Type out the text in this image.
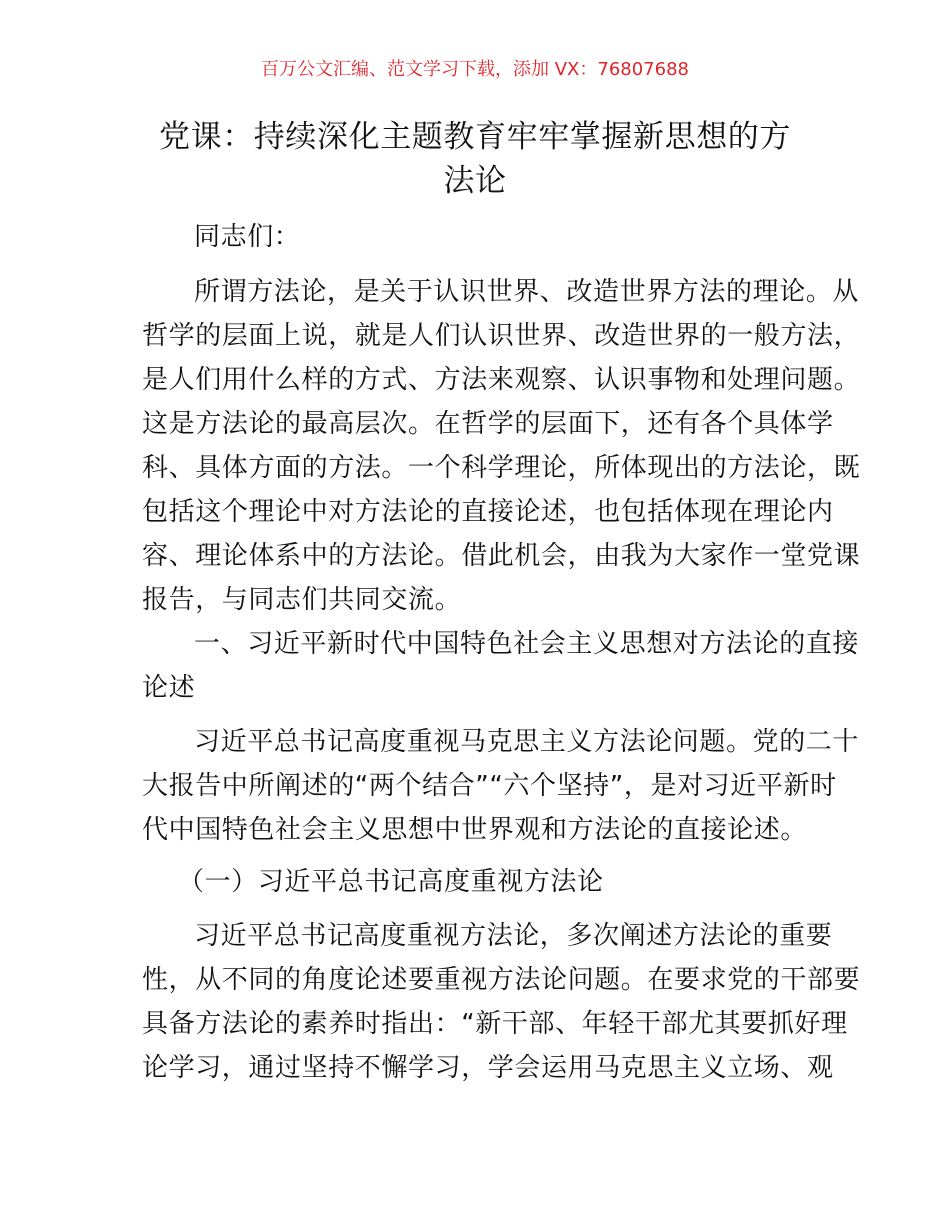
百万公文汇编、范文学习下载，添加 VX：76807688
党课：持续深化主题教育牢牢掌握新思想的方
法论
同志们：
所谓方法论，是关于认识世界、改造世界方法的理论。从
哲学的层面上说，就是人们认识世界、改造世界的一般方法，
是人们用什么样的方式、方法来观察、认识事物和处理问题。
这是方法论的最高层次。在哲学的层面下，还有各个具体学
科、具体方面的方法。一个科学理论，所体现出的方法论，既
包括这个理论中对方法论的直接论述，也包括体现在理论内
容、理论体系中的方法论。借此机会，由我为大家作一堂党课
报告，与同志们共同交流。
一、习近平新时代中国特色社会主义思想对方法论的直接
论述
习近平总书记高度重视马克思主义方法论问题。党的二十
大报告中所阐述的“两个结合”“六个坚持”，是对习近平新时
代中国特色社会主义思想中世界观和方法论的直接论述。
（一）习近平总书记高度重视方法论
习近平总书记高度重视方法论，多次阐述方法论的重要
性，从不同的角度论述要重视方法论问题。在要求党的干部要
具备方法论的素养时指出：“新干部、年轻干部尤其要抓好理
论学习，通过坚持不懈学习，学会运用马克思主义立场、观
